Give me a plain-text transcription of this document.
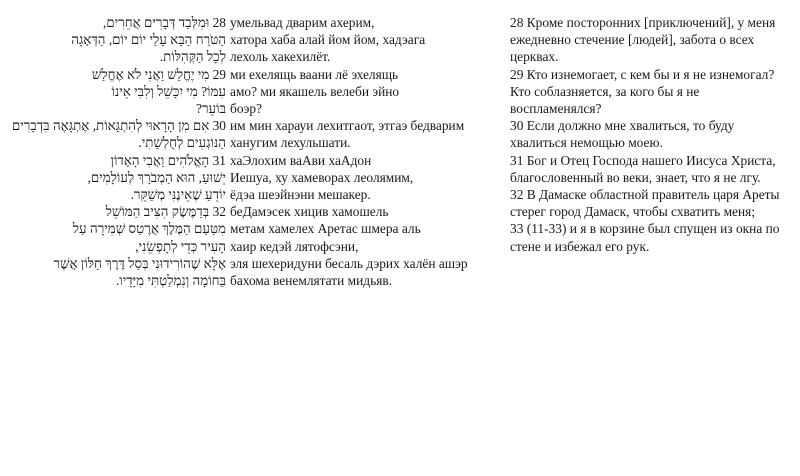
28 וּמִלְּבַד דְּבָרִים אֲחֵרִים,
הַטֹּרַח הַבָּא עָלַי יוֹם יוֹם, הַדְּאָגָה
לְכָל הַקְּהִלּוֹת.
29 מִי יֶחֱלַשׁ וַאֲנִי לֹא אֶחֱלַשׁ
עִמּוֹ? מִי יִכָּשֵׁל וְלִבִּי אֵינוֹ
בּוֹעֵר?
30 אִם מִן הָרָאוּי לְהִתְגָּאוֹת, אֶתְגָּאֶה בִּדְבָרִים
הַנּוֹגְעִים לְחֻלְשָׁתִי.
31 הָאֱלֹהִים וַאֲבִי הָאָדוֹן
יֵשׁוּעַ, הוּא הַמְבֹרָךְ לְעוֹלָמִים,
יוֹדֵעַ שֶׁאֵינֶנִּי מְשַׁקֵּר.
32 בְּדַמֶּשֶׂק הִצִּיב הַמּוֹשֵׁל
מִטַּעַם הַמֶּלֶךְ אֲרֶטַס שְׁמִירָה עַל
הָעִיר כְּדֵי לְתָפְשֵׂנִי,
אֶלָּא שֶׁהוֹרִידוּנִי בְּסַל דֶּרֶךְ חַלּוֹן אֲשֶׁר
בַּחוֹמָה וְנִמְלַטְתִּי מִיָּדָיו.
умельвад дварим ахерим,
хатора хаба алай йом йом, хадэага
лехоль хакехилёт.
ми ехелящь ваани лё эхелящь
амо? ми якашель велеби эйно
боэр?
им мин харауи лехитгаот, этгаэ бедварим
ханугим лехульшати.
хаЭлохим ваАви хаАдон
Иешуа, ху хамеворах леолямим,
ёдэа шеэйнэни мешакер.
беДамэсек хицив хамошель
метам хамелех Аретас шмера аль
хаир кедэй лятофсэни,
эля шехеридуни бесаль дэрих халён ашэр
бахома венемлятати мидьяв.
28 Кроме посторонних [приключений], у меня ежедневно стечение [людей], забота о всех церквах.
29 Кто изнемогает, с кем бы и я не изнемогал? Кто соблазняется, за кого бы я не воспламенялся?
30 Если должно мне хвалиться, то буду хвалиться немощью моею.
31 Бог и Отец Господа нашего Иисуса Христа, благословенный во веки, знает, что я не лгу.
32 В Дамаске областной правитель царя Ареты стерег город Дамаск, чтобы схватить меня;
33 (11-33) и я в корзине был спущен из окна по стене и избежал его рук.
